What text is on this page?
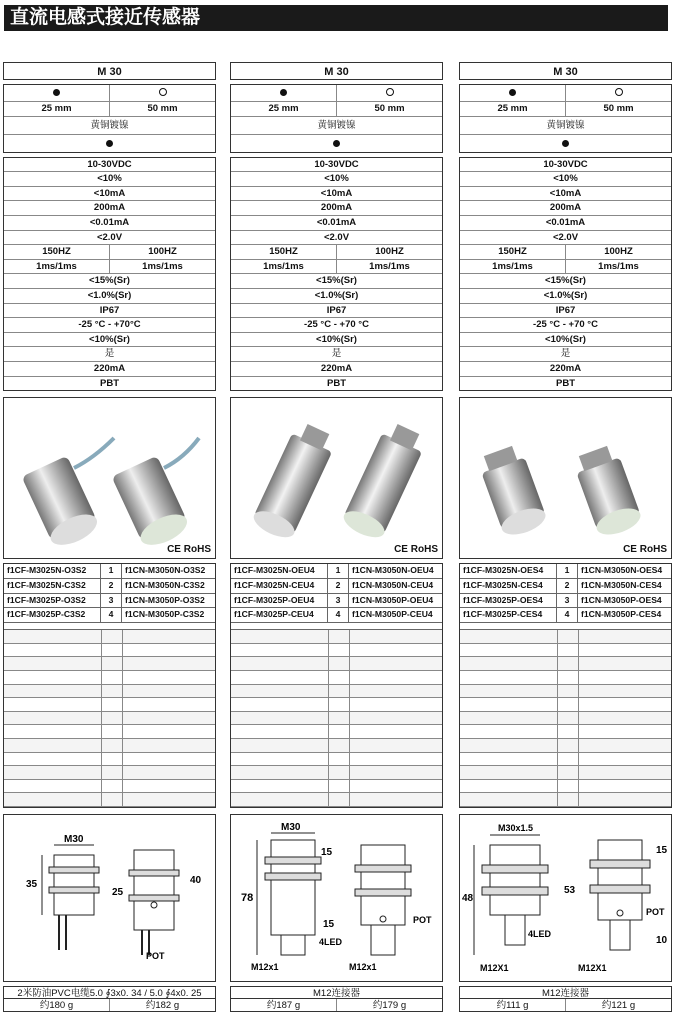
直流电感式接近传感器
M 30
25 mm	50 mm
黄铜镀镍
10-30VDC
<10%
<10mA
200mA
<0.01mA
<2.0V
150HZ	100HZ
1ms/1ms	1ms/1ms
<15%(Sr)
<1.0%(Sr)
IP67
-25 °C - +70°C
<10%(Sr)
是
220mA
PBT
CE RoHS
f1CF-M3025N-O3S2	1	f1CN-M3050N-O3S2
f1CF-M3025N-C3S2	2	f1CN-M3050N-C3S2
f1CF-M3025P-O3S2	3	f1CN-M3050P-O3S2
f1CF-M3025P-C3S2	4	f1CN-M3050P-C3S2
M30
35
25
40
POT
2米防油PVC电缆5.0 ∮3x0. 34 / 5.0 ∮4x0. 25
约180 g	约182 g
M 30
25 mm	50 mm
黄铜镀镍
10-30VDC
<10%
<10mA
200mA
<0.01mA
<2.0V
150HZ	100HZ
1ms/1ms	1ms/1ms
<15%(Sr)
<1.0%(Sr)
IP67
-25 °C - +70 °C
<10%(Sr)
是
220mA
PBT
CE RoHS
f1CF-M3025N-OEU4	1	f1CN-M3050N-OEU4
f1CF-M3025N-CEU4	2	f1CN-M3050N-CEU4
f1CF-M3025P-OEU4	3	f1CN-M3050P-OEU4
f1CF-M3025P-CEU4	4	f1CN-M3050P-CEU4
M30
15
78
15
4LED
M12x1
POT
M12x1
M12连接器
约187 g	约179 g
M 30
25 mm	50 mm
黄铜镀镍
10-30VDC
<10%
<10mA
200mA
<0.01mA
<2.0V
150HZ	100HZ
1ms/1ms	1ms/1ms
<15%(Sr)
<1.0%(Sr)
IP67
-25 °C - +70 °C
<10%(Sr)
是
220mA
PBT
CE RoHS
f1CF-M3025N-OES4	1	f1CN-M3050N-OES4
f1CF-M3025N-CES4	2	f1CN-M3050N-CES4
f1CF-M3025P-OES4	3	f1CN-M3050P-OES4
f1CF-M3025P-CES4	4	f1CN-M3050P-CES4
M30x1.5
48
4LED
M12X1
15
53
POT
10
M12X1
M12连接器
约111 g	约121 g
